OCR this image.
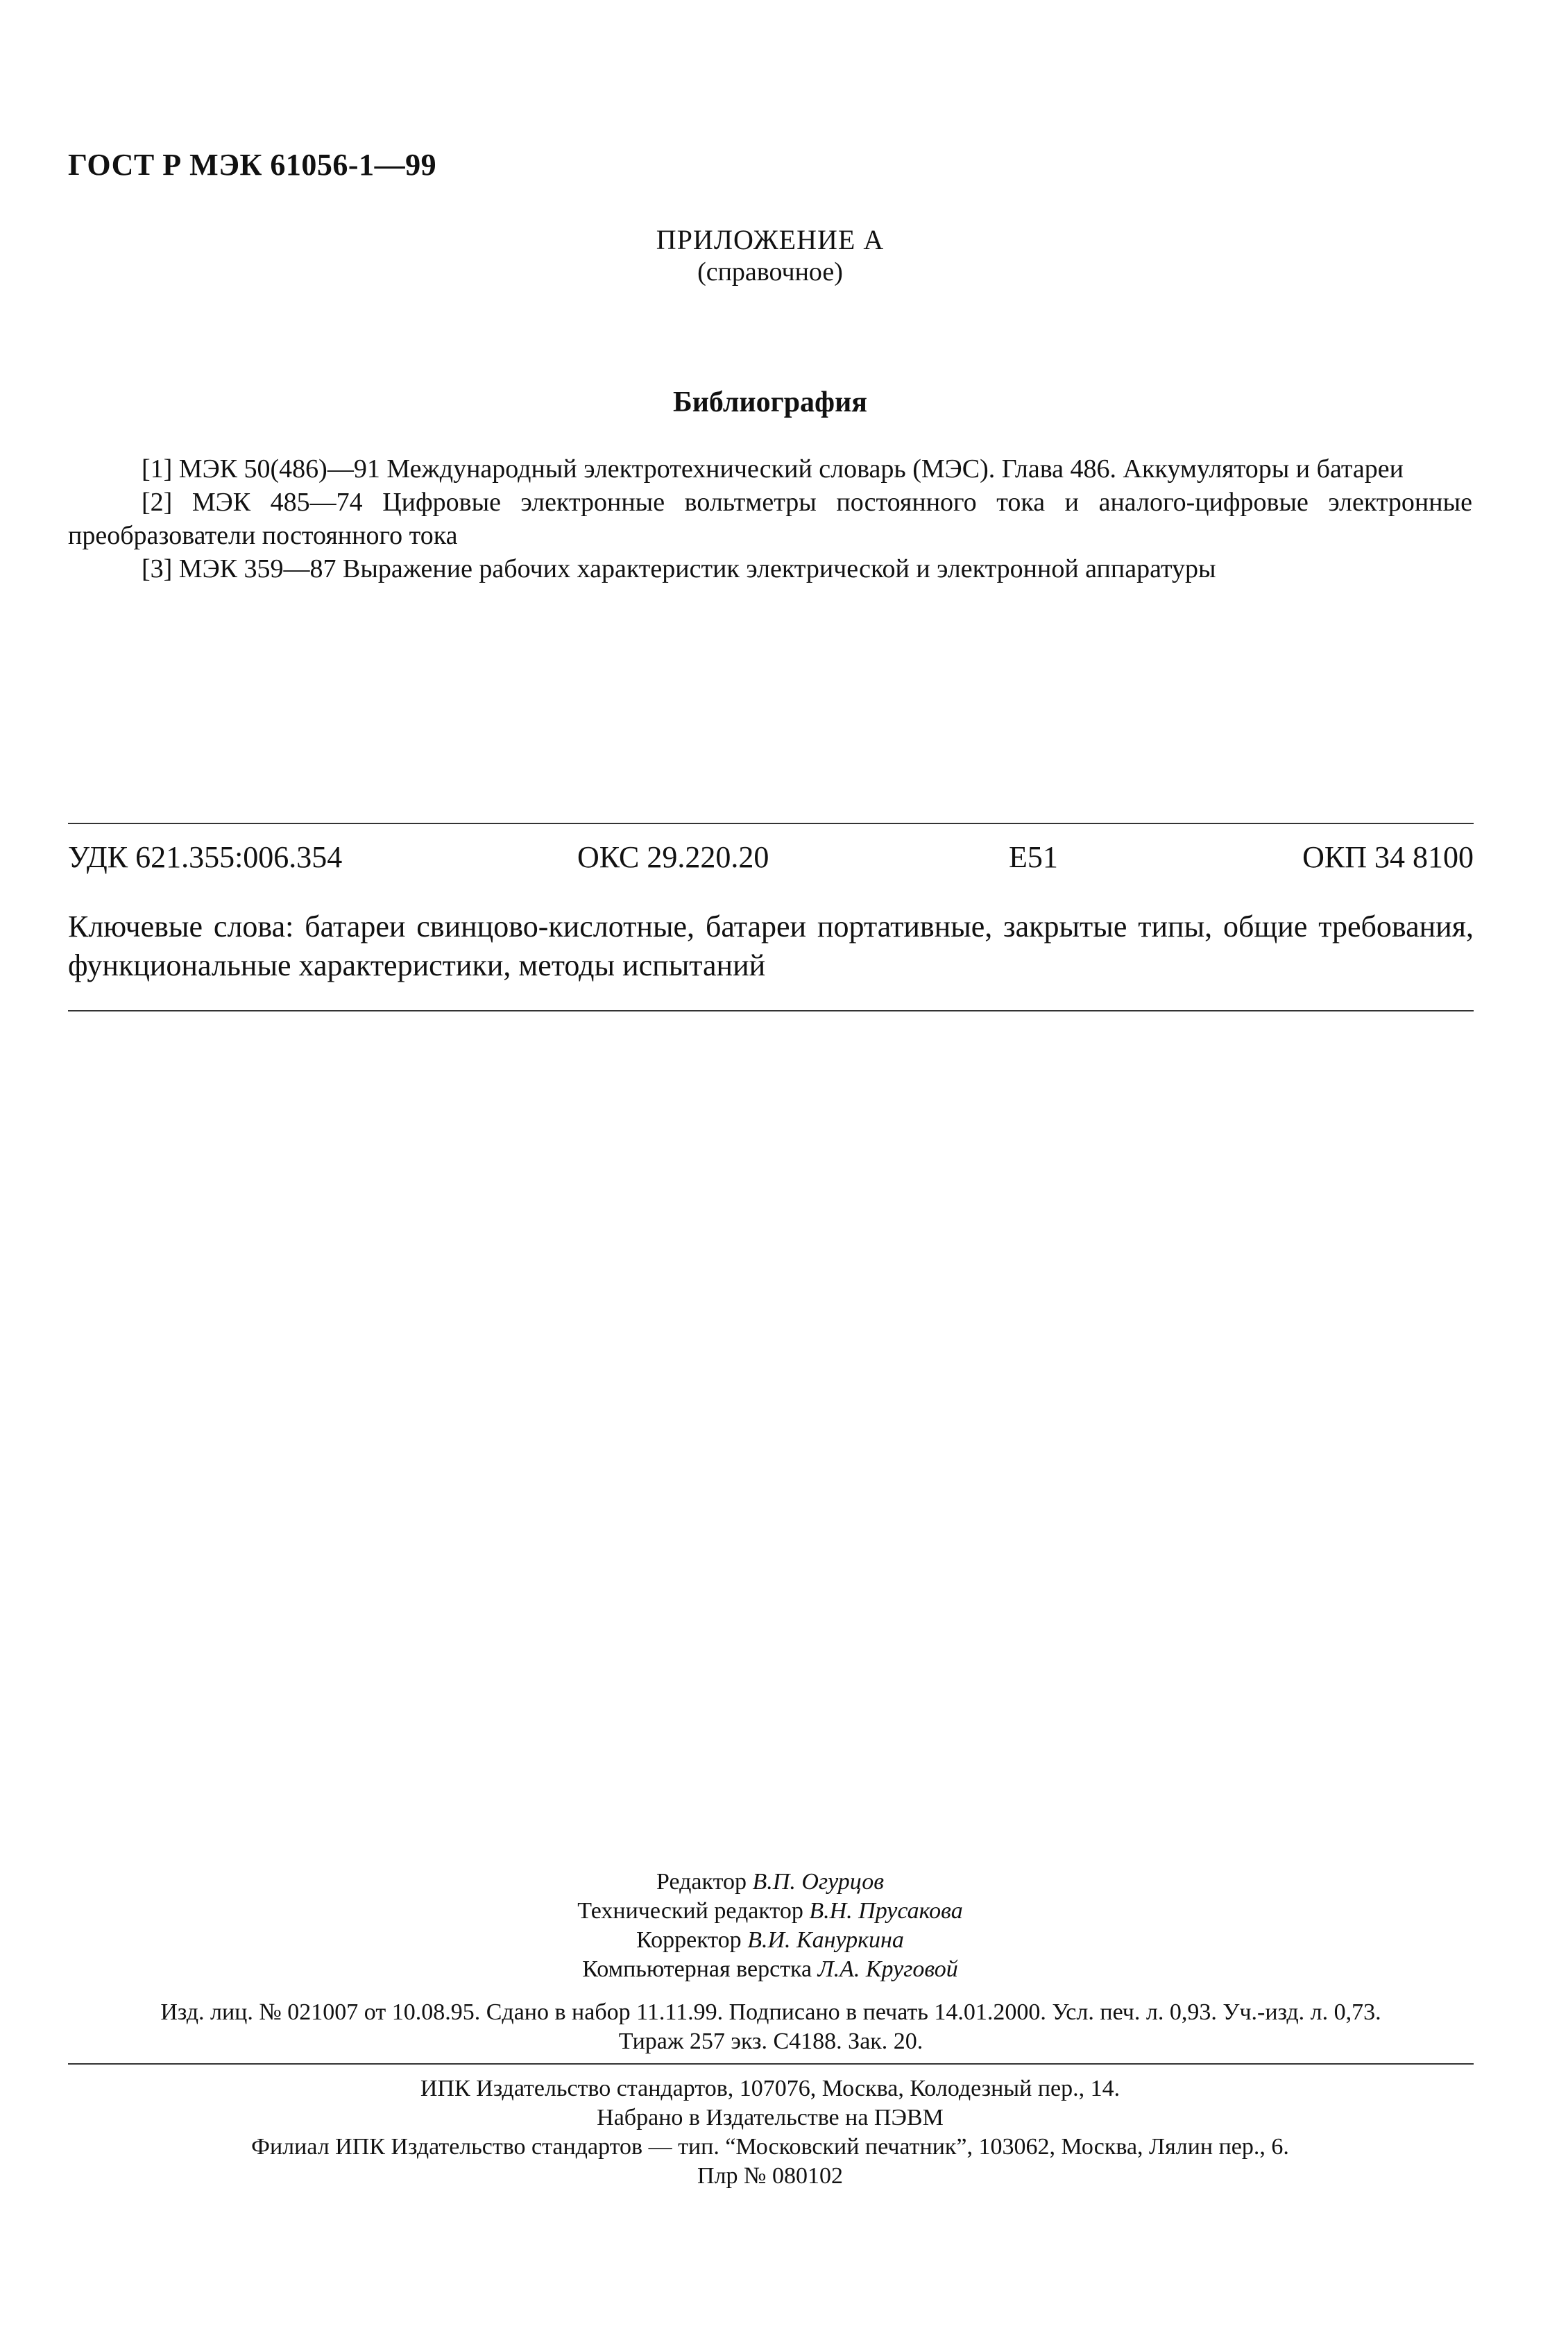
ГОСТ Р МЭК 61056-1—99
ПРИЛОЖЕНИЕ А
(справочное)
Библиография

[1] МЭК 50(486)—91 Международный электротехнический словарь (МЭС). Глава 486. Аккумуляторы и батареи

[2] МЭК 485—74 Цифровые электронные вольтметры постоянного тока и аналого-цифровые электронные преобразователи постоянного тока

[3] МЭК 359—87 Выражение рабочих характеристик электрической и электронной аппаратуры

УДК 621.355:006.354	ОКС 29.220.20	Е51	ОКП 34 8100
Ключевые слова: батареи свинцово-кислотные, батареи портативные, закрытые типы, общие требования, функциональные характеристики, методы испытаний
Редактор В.П. Огурцов
Технический редактор В.Н. Прусакова
Корректор В.И. Кануркина
Компьютерная верстка Л.А. Круговой
Изд. лиц. № 021007 от 10.08.95. Сдано в набор 11.11.99. Подписано в печать 14.01.2000. Усл. печ. л. 0,93. Уч.-изд. л. 0,73.
Тираж 257 экз. С4188. Зак. 20.
ИПК Издательство стандартов, 107076, Москва, Колодезный пер., 14.
Набрано в Издательстве на ПЭВМ
Филиал ИПК Издательство стандартов — тип. “Московский печатник”, 103062, Москва, Лялин пер., 6.
Плр № 080102
